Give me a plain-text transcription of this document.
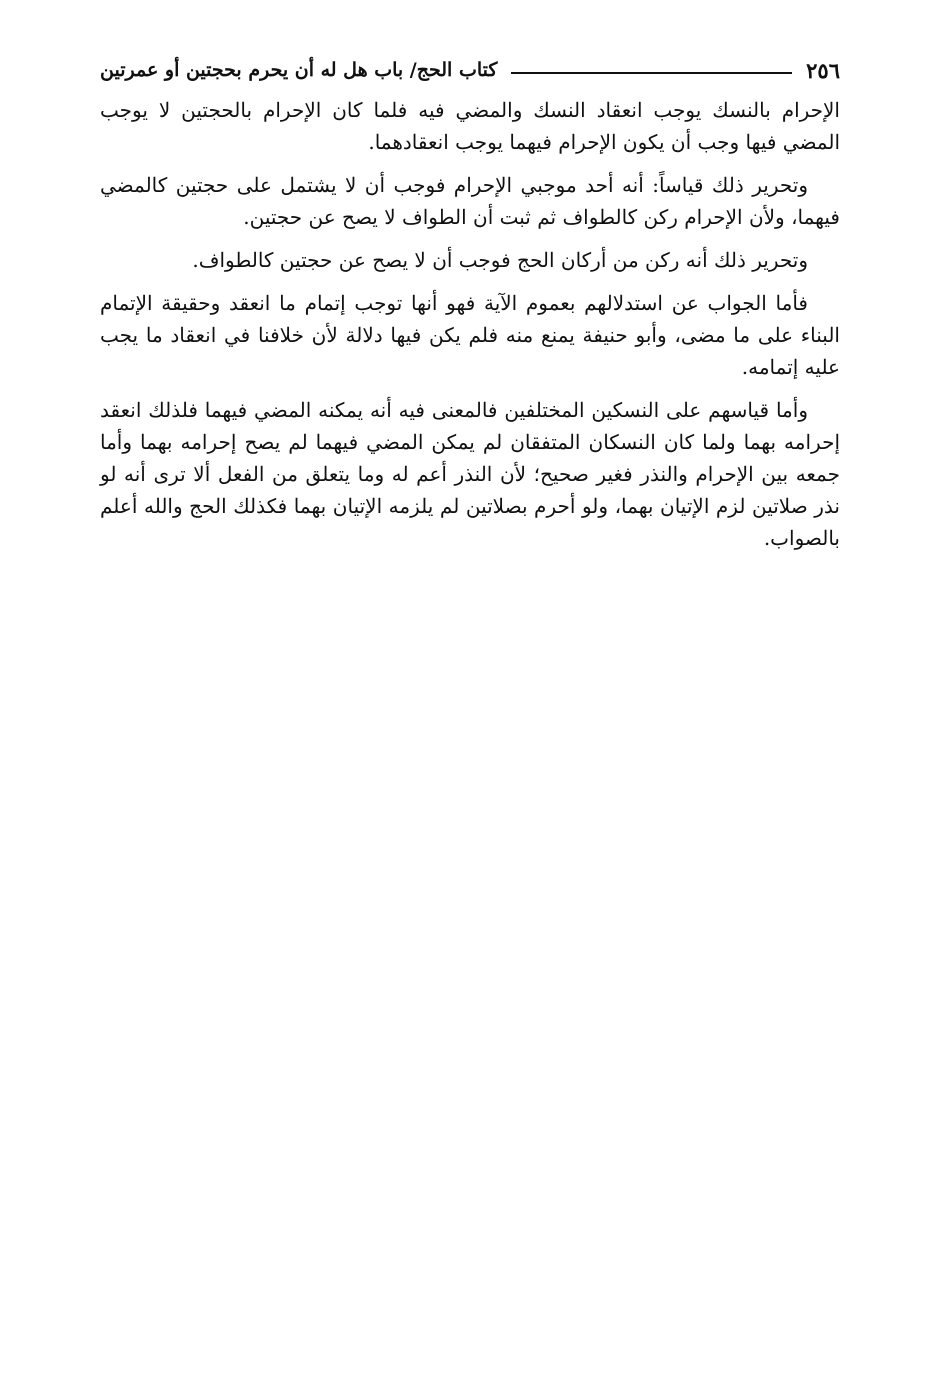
٢٥٦
كتاب الحج/ باب هل له أن يحرم بحجتين أو عمرتين

الإحرام بالنسك يوجب انعقاد النسك والمضي فيه فلما كان الإحرام بالحجتين لا يوجب المضي فيها وجب أن يكون الإحرام فيهما يوجب انعقادهما.

وتحرير ذلك قياساً: أنه أحد موجبي الإحرام فوجب أن لا يشتمل على حجتين كالمضي فيهما، ولأن الإحرام ركن كالطواف ثم ثبت أن الطواف لا يصح عن حجتين.

وتحرير ذلك أنه ركن من أركان الحج فوجب أن لا يصح عن حجتين كالطواف.

فأما الجواب عن استدلالهم بعموم الآية فهو أنها توجب إتمام ما انعقد وحقيقة الإتمام البناء على ما مضى، وأبو حنيفة يمنع منه فلم يكن فيها دلالة لأن خلافنا في انعقاد ما يجب عليه إتمامه.

وأما قياسهم على النسكين المختلفين فالمعنى فيه أنه يمكنه المضي فيهما فلذلك انعقد إحرامه بهما ولما كان النسكان المتفقان لم يمكن المضي فيهما لم يصح إحرامه بهما وأما جمعه بين الإحرام والنذر فغير صحيح؛ لأن النذر أعم له وما يتعلق من الفعل ألا ترى أنه لو نذر صلاتين لزم الإتيان بهما، ولو أحرم بصلاتين لم يلزمه الإتيان بهما فكذلك الحج والله أعلم بالصواب.
